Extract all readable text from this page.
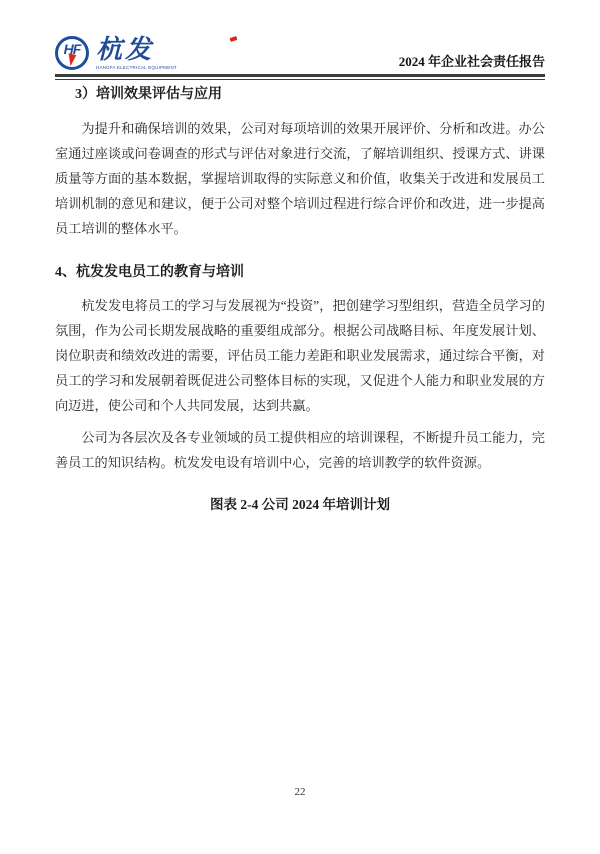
HF 杭发
HANGFA ELECTRICAL EQUIPMENT	2024 年企业社会责任报告
3）培训效果评估与应用

为提升和确保培训的效果，公司对每项培训的效果开展评价、分析和改进。办公室通过座谈或问卷调查的形式与评估对象进行交流，了解培训组织、授课方式、讲课质量等方面的基本数据，掌握培训取得的实际意义和价值，收集关于改进和发展员工培训机制的意见和建议，便于公司对整个培训过程进行综合评价和改进，进一步提高员工培训的整体水平。

4、杭发发电员工的教育与培训

杭发发电将员工的学习与发展视为“投资”，把创建学习型组织，营造全员学习的氛围，作为公司长期发展战略的重要组成部分。根据公司战略目标、年度发展计划、岗位职责和绩效改进的需要，评估员工能力差距和职业发展需求，通过综合平衡，对员工的学习和发展朝着既促进公司整体目标的实现，又促进个人能力和职业发展的方向迈进，使公司和个人共同发展，达到共赢。

公司为各层次及各专业领域的员工提供相应的培训课程，不断提升员工能力，完善员工的知识结构。杭发发电设有培训中心，完善的培训教学的软件资源。

图表 2-4 公司 2024 年培训计划
22
